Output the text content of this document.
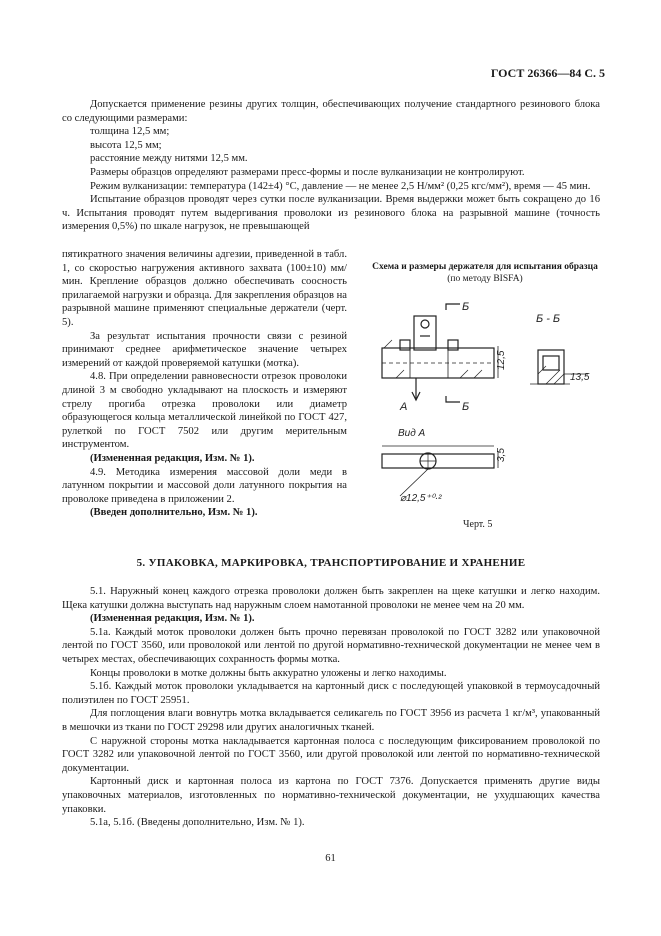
ГОСТ 26366—84 С. 5

Допускается применение резины других толщин, обеспечивающих получение стандартного резинового блока со следующими размерами:

толщина 12,5 мм;

высота 12,5 мм;

расстояние между нитями 12,5 мм.

Размеры образцов определяют размерами пресс-формы и после вулканизации не контролируют.

Режим вулканизации: температура (142±4) °С, давление — не менее 2,5 Н/мм² (0,25 кгс/мм²), время — 45 мин.

Испытание образцов проводят через сутки после вулканизации. Время выдержки может быть сокращено до 16 ч. Испытания проводят путем выдергивания проволоки из резинового блока на разрывной машине (точность измерения 0,5%) по шкале нагрузок, не превышающей

пятикратного значения величины адгезии, приведенной в табл. 1, со скоростью нагружения активного захвата (100±10) мм/мин. Крепление образцов должно обеспечивать соосность прилагаемой нагрузки и образца. Для закрепления образцов на разрывной машине применяют специальные держатели (черт. 5).

За результат испытания прочности связи с резиной принимают среднее арифметическое значение четырех измерений от каждой проверяемой катушки (мотка).

4.8. При определении равновесности отрезок проволоки длиной 3 м свободно укладывают на плоскость и измеряют стрелу прогиба отрезка проволоки или диаметр образующегося кольца металлической линейкой по ГОСТ 427, рулеткой по ГОСТ 7502 или другим мерительным инструментом.

(Измененная редакция, Изм. № 1).

4.9. Методика измерения массовой доли меди в латунном покрытии и массовой доли латунного покрытия на проволоке приведена в приложении 2.

(Введен дополнительно, Изм. № 1).

Схема и размеры держателя для испытания образца (по методу BISFA)
Б
Б - Б
12,5
13,5
А	Б
Вид А
3,5
⌀12,5⁺⁰·²
Черт. 5
5. УПАКОВКА, МАРКИРОВКА, ТРАНСПОРТИРОВАНИЕ И ХРАНЕНИЕ

5.1. Наружный конец каждого отрезка проволоки должен быть закреплен на щеке катушки и легко находим. Щека катушки должна выступать над наружным слоем намотанной проволоки не менее чем на 20 мм.

(Измененная редакция, Изм. № 1).

5.1а. Каждый моток проволоки должен быть прочно перевязан проволокой по ГОСТ 3282 или упаковочной лентой по ГОСТ 3560, или проволокой или лентой по другой нормативно-технической документации не менее чем в четырех местах, обеспечивающих сохранность формы мотка.

Концы проволоки в мотке должны быть аккуратно уложены и легко находимы.

5.1б. Каждый моток проволоки укладывается на картонный диск с последующей упаковкой в термоусадочный полиэтилен по ГОСТ 25951.

Для поглощения влаги вовнутрь мотка вкладывается селикагель по ГОСТ 3956 из расчета 1 кг/м³, упакованный в мешочки из ткани по ГОСТ 29298 или других аналогичных тканей.

С наружной стороны мотка накладывается картонная полоса с последующим фиксированием проволокой по ГОСТ 3282 или упаковочной лентой по ГОСТ 3560, или другой проволокой или лентой по нормативно-технической документации.

Картонный диск и картонная полоса из картона по ГОСТ 7376. Допускается применять другие виды упаковочных материалов, изготовленных по нормативно-технической документации, не ухудшающих качества упаковки.

5.1а, 5.1б. (Введены дополнительно, Изм. № 1).

61
